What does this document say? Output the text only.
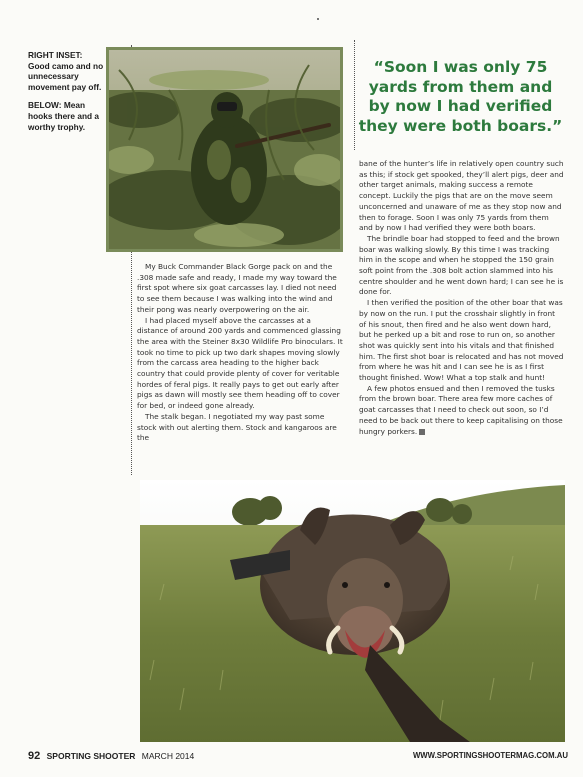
RIGHT INSET:
Good camo and no unnecessary movement pay off.

BELOW: Mean hooks there and a worthy trophy.

“Soon I was only 75 yards from them and by now I had verified they were both boars.”

My Buck Commander Black Gorge pack on and the .308 made safe and ready, I made my way toward the first spot where six goat carcasses lay. I died not need to see them because I was walking into the wind and their pong was nearly overpowering on the air.

I had placed myself above the carcasses at a distance of around 200 yards and commenced glassing the area with the Steiner 8x30 Wildlife Pro binoculars. It took no time to pick up two dark shapes moving slowly from the carcass area heading to the higher back country that could provide plenty of cover for veritable hordes of feral pigs. It really pays to get out early after pigs as dawn will mostly see them heading off to cover for bed, or indeed gone already.

The stalk began. I negotiated my way past some stock with out alerting them. Stock and kangaroos are the

bane of the hunter’s life in relatively open country such as this; if stock get spooked, they’ll alert pigs, deer and other target animals, making success a remote concept. Luckily the pigs that are on the move seem unconcerned and unaware of me as they stop now and then to forage. Soon I was only 75 yards from them and by now I had verified they were both boars.

The brindle boar had stopped to feed and the brown boar was walking slowly. By this time I was tracking him in the scope and when he stopped the 150 grain soft point from the .308 bolt action slammed into his centre shoulder and he went down hard; I can see he is done for.

I then verified the position of the other boar that was by now on the run. I put the crosshair slightly in front of his snout, then fired and he also went down hard, but he perked up a bit and rose to run on, so another shot was quickly sent into his vitals and that finished him. The first shot boar is relocated and has not moved from where he was hit and I can see he is as I first thought finished. Wow! What a top stalk and hunt!

A few photos ensued and then I removed the tusks from the brown boar. There area few more caches of goat carcasses that I need to check out soon, so I’d need to be back out there to keep capitalising on those hungry porkers.

92 SPORTING SHOOTER MARCH 2014	WWW.SPORTINGSHOOTERMAG.COM.AU
